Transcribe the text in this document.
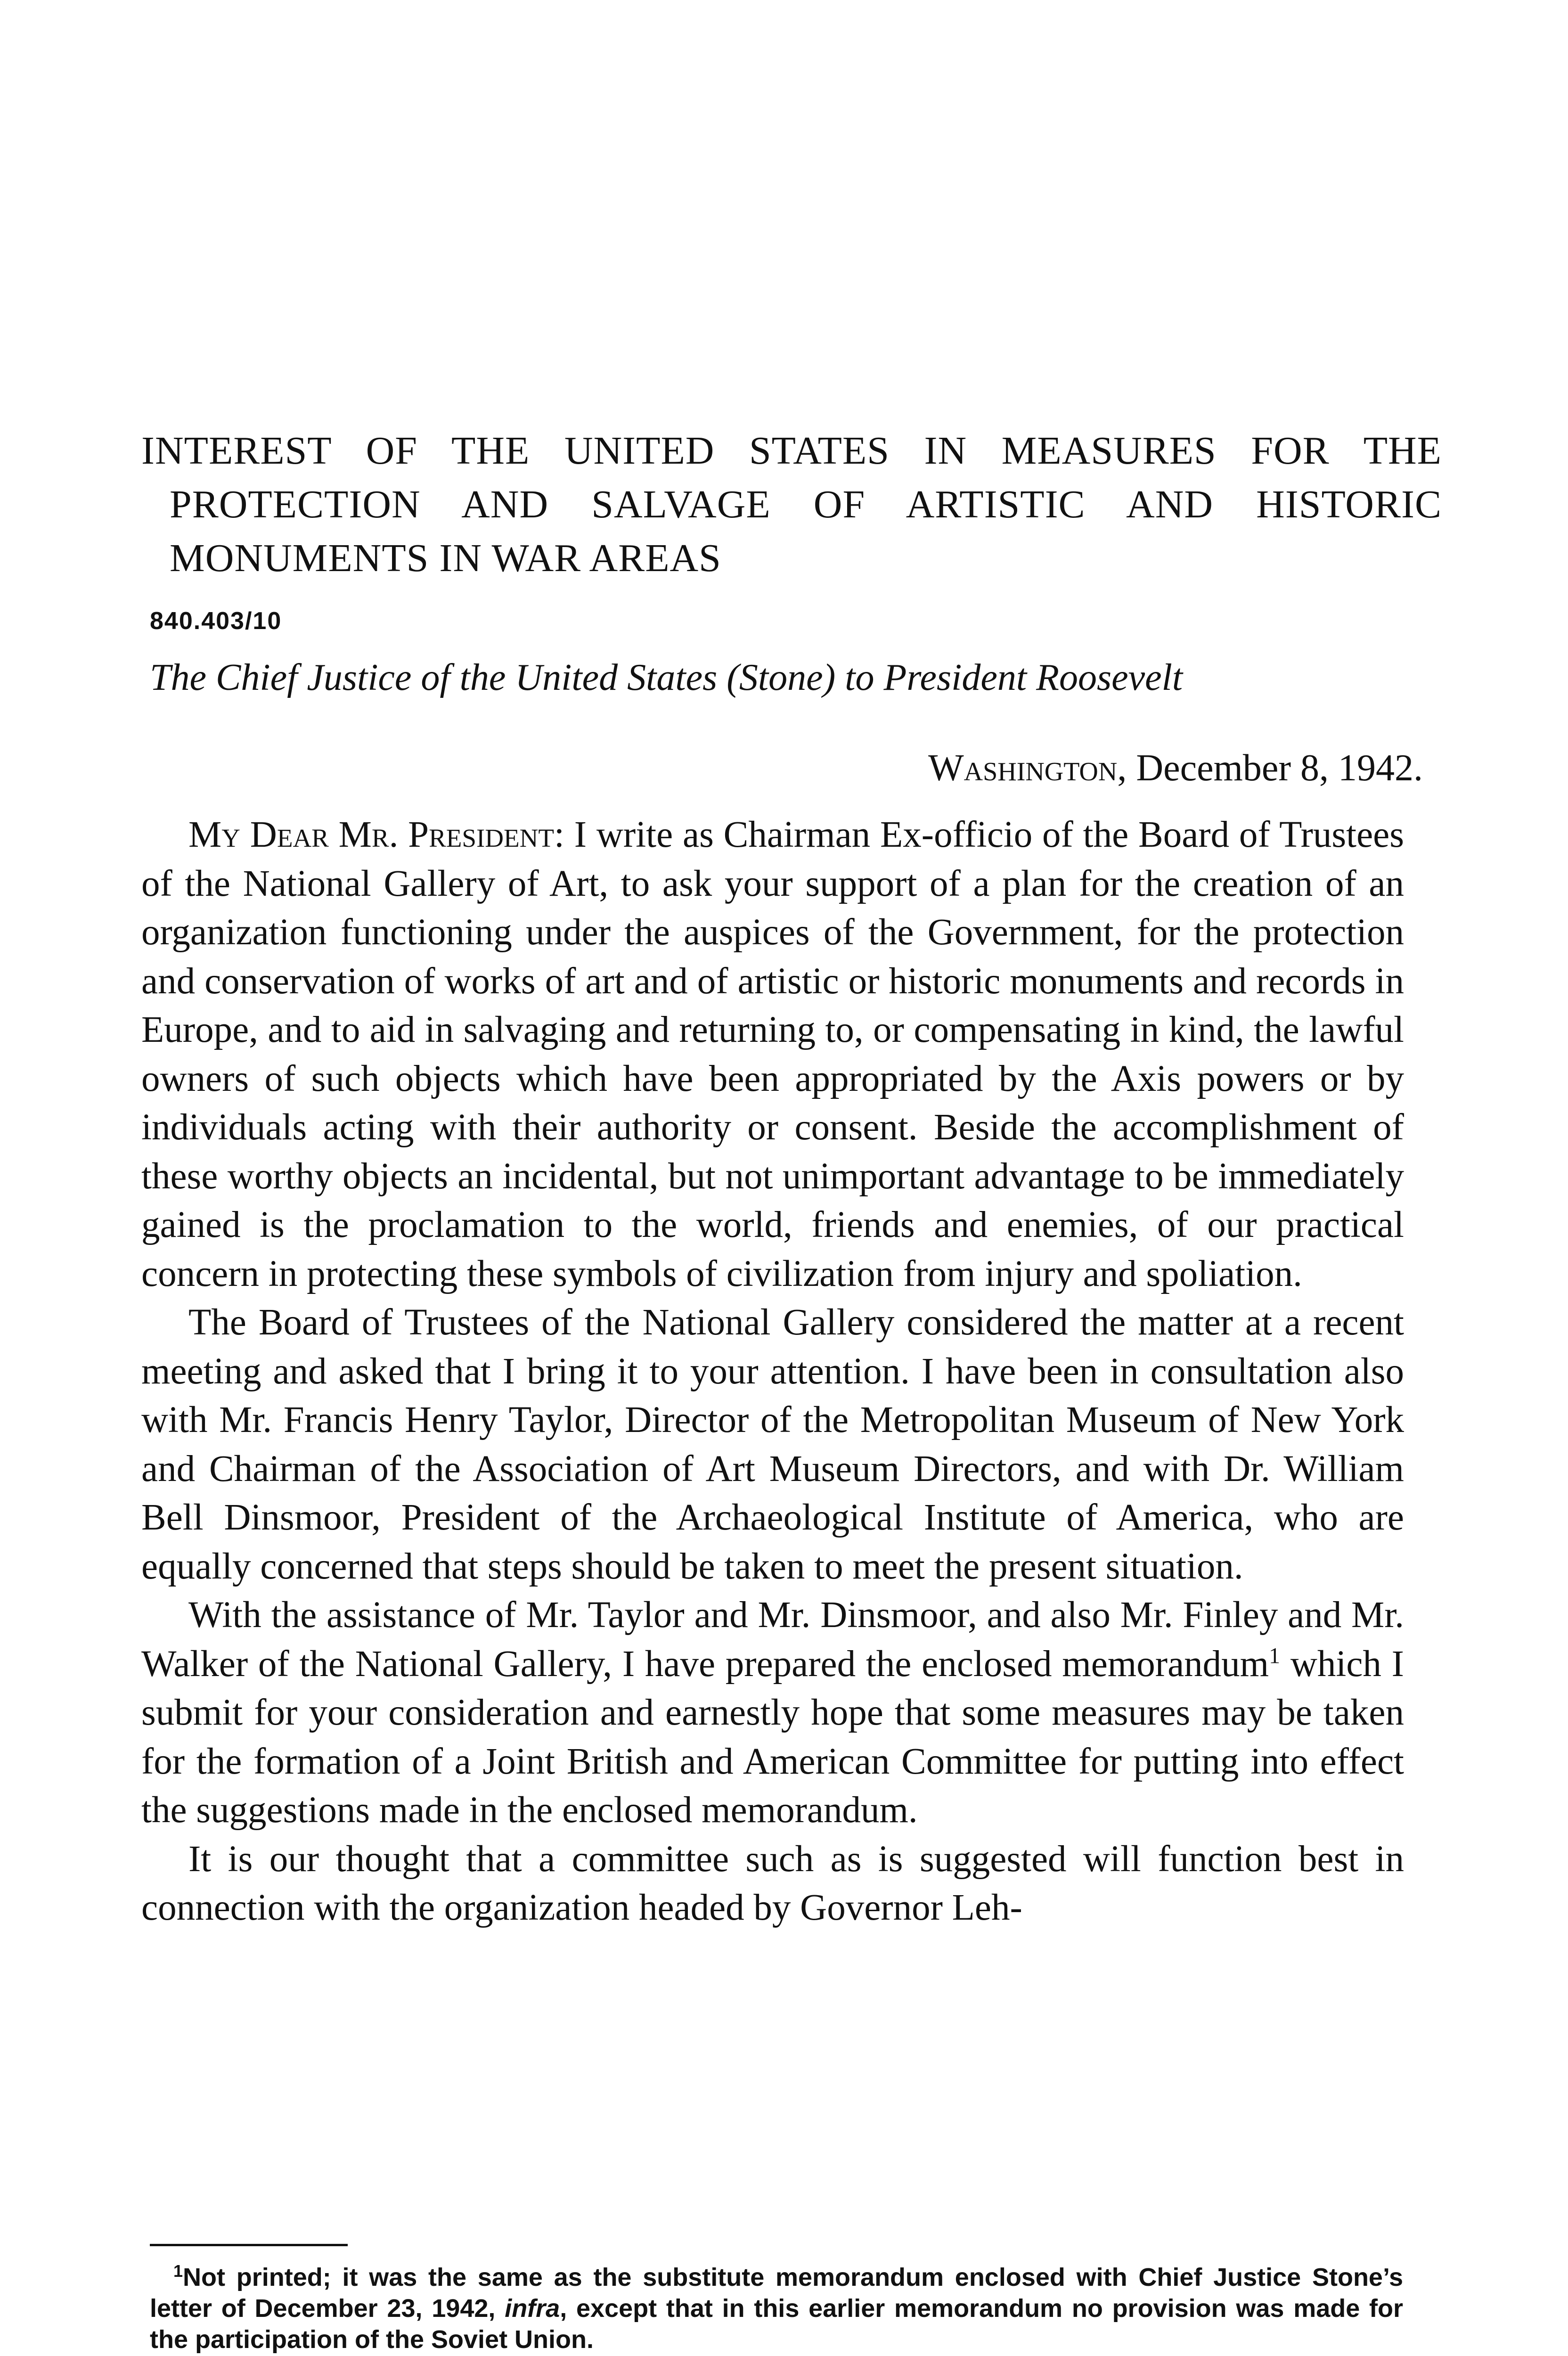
INTEREST OF THE UNITED STATES IN MEASURES FOR THE PROTECTION AND SALVAGE OF ARTISTIC AND HISTORIC MONUMENTS IN WAR AREAS
840.403/10
The Chief Justice of the United States (Stone) to President Roosevelt
Washington, December 8, 1942.

My Dear Mr. President: I write as Chairman Ex-officio of the Board of Trustees of the National Gallery of Art, to ask your support of a plan for the creation of an organization functioning under the auspices of the Government, for the protection and conservation of works of art and of artistic or historic monuments and records in Europe, and to aid in salvaging and returning to, or compensating in kind, the lawful owners of such objects which have been appropriated by the Axis powers or by individuals acting with their authority or consent. Beside the accomplishment of these worthy objects an incidental, but not unimportant advantage to be immediately gained is the proclamation to the world, friends and enemies, of our practical concern in protecting these symbols of civilization from injury and spoliation.

The Board of Trustees of the National Gallery considered the matter at a recent meeting and asked that I bring it to your attention. I have been in consultation also with Mr. Francis Henry Taylor, Director of the Metropolitan Museum of New York and Chairman of the Association of Art Museum Directors, and with Dr. William Bell Dinsmoor, President of the Archaeological Institute of America, who are equally concerned that steps should be taken to meet the present situation.

With the assistance of Mr. Taylor and Mr. Dinsmoor, and also Mr. Finley and Mr. Walker of the National Gallery, I have prepared the enclosed memorandum$^1$ which I submit for your consideration and earnestly hope that some measures may be taken for the formation of a Joint British and American Committee for putting into effect the suggestions made in the enclosed memorandum.

It is our thought that a committee such as is suggested will function best in connection with the organization headed by Governor Leh-

$^1$Not printed; it was the same as the substitute memorandum enclosed with Chief Justice Stone’s letter of December 23, 1942, infra, except that in this earlier memorandum no provision was made for the participation of the Soviet Union.
